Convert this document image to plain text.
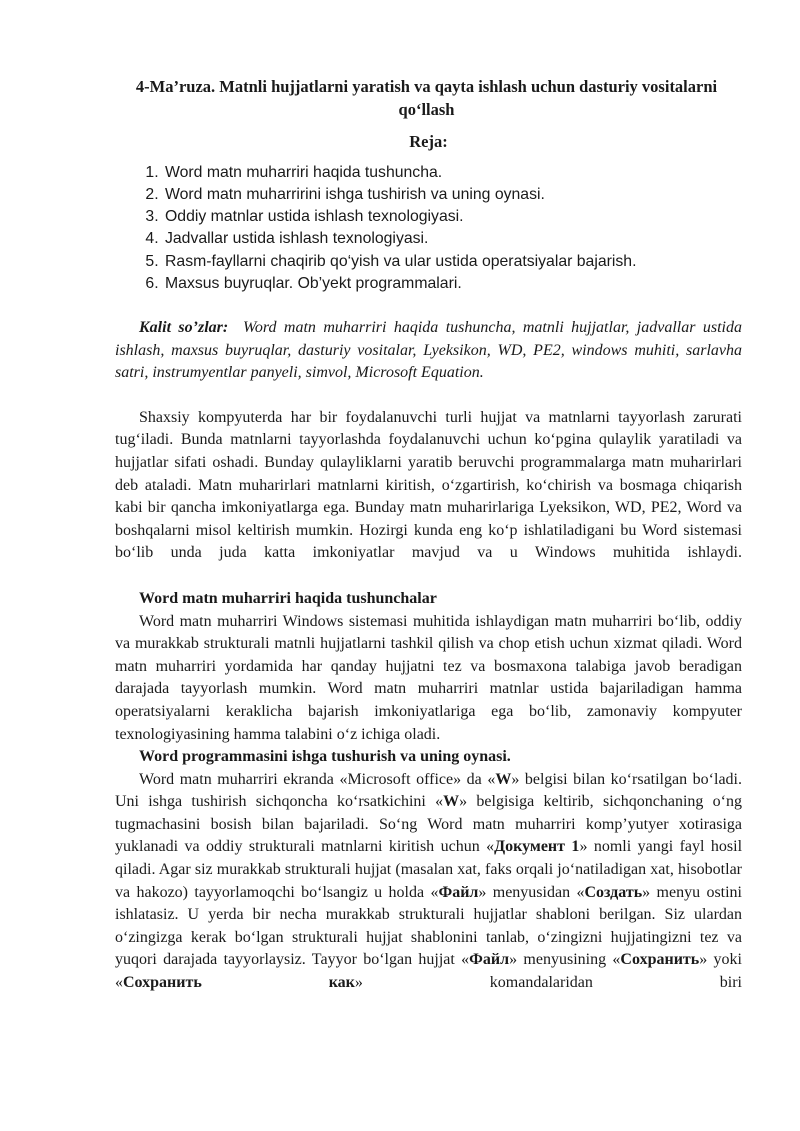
4-Ma’ruza. Matnli hujjatlarni yaratish va qayta ishlash uchun dasturiy vositalarni qo‘llash
Reja:
1. Word matn muharriri haqida tushuncha.
2. Word matn muharririni ishga tushirish va uning oynasi.
3. Oddiy matnlar ustida ishlash texnologiyasi.
4. Jadvallar ustida ishlash texnologiyasi.
5. Rasm-fayllarni chaqirib qo‘yish va ular ustida operatsiyalar bajarish.
6. Maxsus buyruqlar. Ob’yekt programmalari.

Kalit so’zlar: Word matn muharriri haqida tushuncha, matnli hujjatlar, jadvallar ustida ishlash, maxsus buyruqlar, dasturiy vositalar, Lyeksikon, WD, PE2, windows muhiti, sarlavha satri, instrumyentlar panyeli, simvol, Microsoft Equation.

Shaxsiy kompyuterda har bir foydalanuvchi turli hujjat va matnlarni tayyorlash zarurati tug‘iladi. Bunda matnlarni tayyorlashda foydalanuvchi uchun ko‘pgina qulaylik yaratiladi va hujjatlar sifati oshadi. Bunday qulayliklarni yaratib beruvchi programmalarga matn muharirlari deb ataladi. Matn muharirlari matnlarni kiritish, o‘zgartirish, ko‘chirish va bosmaga chiqarish kabi bir qancha imkoniyatlarga ega. Bunday matn muharirlariga Lyeksikon, WD, PE2, Word va boshqalarni misol keltirish mumkin. Hozirgi kunda eng ko‘p ishlatiladigani bu Word sistemasi bo‘lib unda juda katta imkoniyatlar mavjud va u Windows muhitida ishlaydi.

Word matn muharriri haqida tushunchalar

Word matn muharriri Windows sistemasi muhitida ishlaydigan matn muharriri bo‘lib, oddiy va murakkab strukturali matnli hujjatlarni tashkil qilish va chop etish uchun xizmat qiladi. Word matn muharriri yordamida har qanday hujjatni tez va bosmaxona talabiga javob beradigan darajada tayyorlash mumkin. Word matn muharriri matnlar ustida bajariladigan hamma operatsiyalarni keraklicha bajarish imkoniyatlariga ega bo‘lib, zamonaviy kompyuter texnologiyasining hamma talabini o‘z ichiga oladi.

Word programmasini ishga tushurish va uning oynasi.

Word matn muharriri ekranda «Microsoft office» da «W» belgisi bilan ko‘rsatilgan bo‘ladi. Uni ishga tushirish sichqoncha ko‘rsatkichini «W» belgisiga keltirib, sichqonchaning o‘ng tugmachasini bosish bilan bajariladi. So‘ng Word matn muharriri komp’yutyer xotirasiga yuklanadi va oddiy strukturali matnlarni kiritish uchun «Документ 1» nomli yangi fayl hosil qiladi. Agar siz murakkab strukturali hujjat (masalan xat, faks orqali jo‘natiladigan xat, hisobotlar va hakozo) tayyorlamoqchi bo‘lsangiz u holda «Файл» menyusidan «Создать» menyu ostini ishlatasiz. U yerda bir necha murakkab strukturali hujjatlar shabloni berilgan. Siz ulardan o‘zingizga kerak bo‘lgan strukturali hujjat shablonini tanlab, o‘zingizni hujjatingizni tez va yuqori darajada tayyorlaysiz. Tayyor bo‘lgan hujjat «Файл» menyusining «Сохранить» yoki «Сохранить как» komandalaridan biri
